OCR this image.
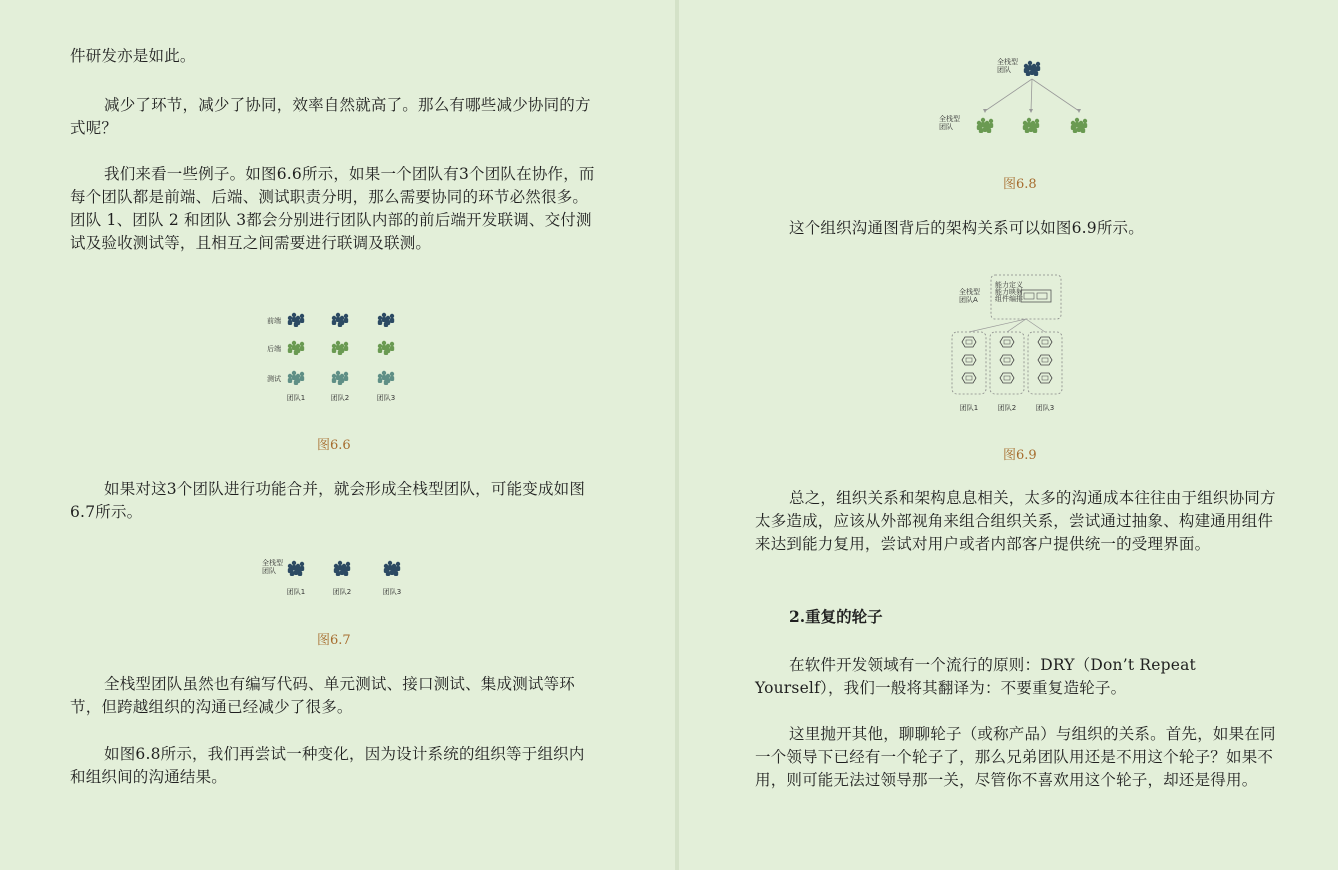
件研发亦是如此。

减少了环节，减少了协同，效率自然就高了。那么有哪些减少协同的方式呢？

我们来看一些例子。如图6.6所示，如果一个团队有3个团队在协作，而每个团队都是前端、后端、测试职责分明，那么需要协同的环节必然很多。团队 1、团队 2 和团队 3都会分别进行团队内部的前后端开发联调、交付测试及验收测试等，且相互之间需要进行联调及联测。

前端
后端
测试
团队1	团队2	团队3

图6.6

如果对这3个团队进行功能合并，就会形成全栈型团队，可能变成如图6.7所示。

全栈型
团队
团队1	团队2	团队3

图6.7

全栈型团队虽然也有编写代码、单元测试、接口测试、集成测试等环节，但跨越组织的沟通已经减少了很多。

如图6.8所示，我们再尝试一种变化，因为设计系统的组织等于组织内和组织间的沟通结果。

全栈型
团队
全栈型
团队

图6.8

这个组织沟通图背后的架构关系可以如图6.9所示。

全栈型
团队A
能力定义
能力映射
组件编排
团队1	团队2	团队3

图6.9

总之，组织关系和架构息息相关，太多的沟通成本往往由于组织协同方太多造成，应该从外部视角来组合组织关系，尝试通过抽象、构建通用组件来达到能力复用，尝试对用户或者内部客户提供统一的受理界面。

2.重复的轮子

在软件开发领域有一个流行的原则：DRY（Don’t Repeat Yourself），我们一般将其翻译为：不要重复造轮子。

这里抛开其他，聊聊轮子（或称产品）与组织的关系。首先，如果在同一个领导下已经有一个轮子了，那么兄弟团队用还是不用这个轮子？如果不用，则可能无法过领导那一关，尽管你不喜欢用这个轮子，却还是得用。
